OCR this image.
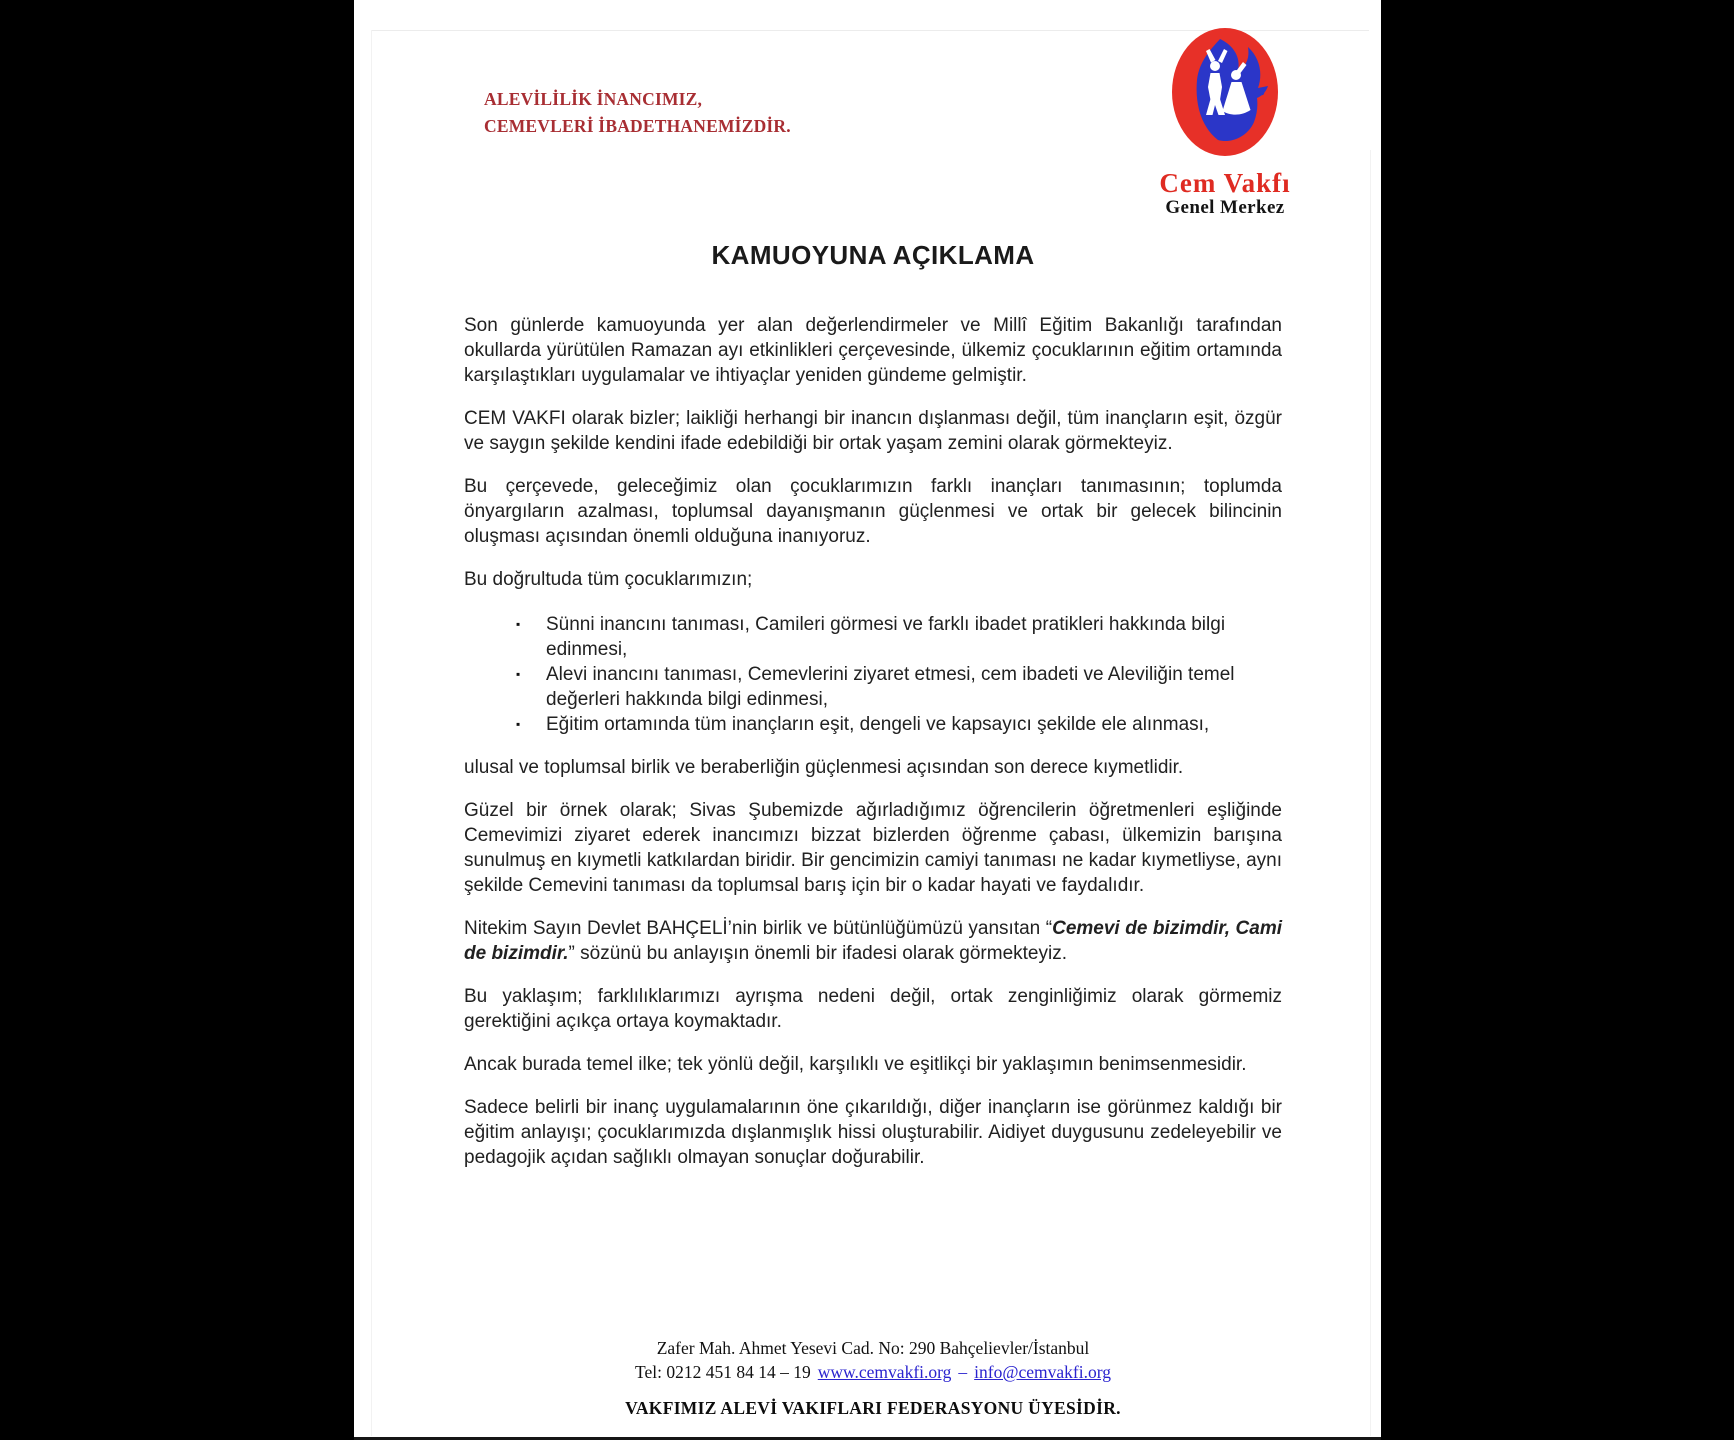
ALEVİLİLİK İNANCIMIZ,
CEMEVLERİ İBADETHANEMİZDİR.
Cem Vakfı
Genel Merkez
KAMUOYUNA AÇIKLAMA

Son günlerde kamuoyunda yer alan değerlendirmeler ve Millî Eğitim Bakanlığı tarafından okullarda yürütülen Ramazan ayı etkinlikleri çerçevesinde, ülkemiz çocuklarının eğitim ortamında karşılaştıkları uygulamalar ve ihtiyaçlar yeniden gündeme gelmiştir.

CEM VAKFI olarak bizler; laikliği herhangi bir inancın dışlanması değil, tüm inançların eşit, özgür ve saygın şekilde kendini ifade edebildiği bir ortak yaşam zemini olarak görmekteyiz.

Bu çerçevede, geleceğimiz olan çocuklarımızın farklı inançları tanımasının; toplumda önyargıların azalması, toplumsal dayanışmanın güçlenmesi ve ortak bir gelecek bilincinin oluşması açısından önemli olduğuna inanıyoruz.

Bu doğrultuda tüm çocuklarımızın;

▪	Sünni inancını tanıması, Camileri görmesi ve farklı ibadet pratikleri hakkında bilgi edinmesi,
▪	Alevi inancını tanıması, Cemevlerini ziyaret etmesi, cem ibadeti ve Aleviliğin temel değerleri hakkında bilgi edinmesi,
▪	Eğitim ortamında tüm inançların eşit, dengeli ve kapsayıcı şekilde ele alınması,

ulusal ve toplumsal birlik ve beraberliğin güçlenmesi açısından son derece kıymetlidir.

Güzel bir örnek olarak; Sivas Şubemizde ağırladığımız öğrencilerin öğretmenleri eşliğinde Cemevimizi ziyaret ederek inancımızı bizzat bizlerden öğrenme çabası, ülkemizin barışına sunulmuş en kıymetli katkılardan biridir. Bir gencimizin camiyi tanıması ne kadar kıymetliyse, aynı şekilde Cemevini tanıması da toplumsal barış için bir o kadar hayati ve faydalıdır.

Nitekim Sayın Devlet BAHÇELİ’nin birlik ve bütünlüğümüzü yansıtan “Cemevi de bizimdir, Cami de bizimdir.” sözünü bu anlayışın önemli bir ifadesi olarak görmekteyiz.

Bu yaklaşım; farklılıklarımızı ayrışma nedeni değil, ortak zenginliğimiz olarak görmemiz gerektiğini açıkça ortaya koymaktadır.

Ancak burada temel ilke; tek yönlü değil, karşılıklı ve eşitlikçi bir yaklaşımın benimsenmesidir.

Sadece belirli bir inanç uygulamalarının öne çıkarıldığı, diğer inançların ise görünmez kaldığı bir eğitim anlayışı; çocuklarımızda dışlanmışlık hissi oluşturabilir. Aidiyet duygusunu zedeleyebilir ve pedagojik açıdan sağlıklı olmayan sonuçlar doğurabilir.

Zafer Mah. Ahmet Yesevi Cad. No: 290 Bahçelievler/İstanbul
Tel: 0212 451 84 14 – 19 www.cemvakfi.org – info@cemvakfi.org
VAKFIMIZ ALEVİ VAKIFLARI FEDERASYONU ÜYESİDİR.
